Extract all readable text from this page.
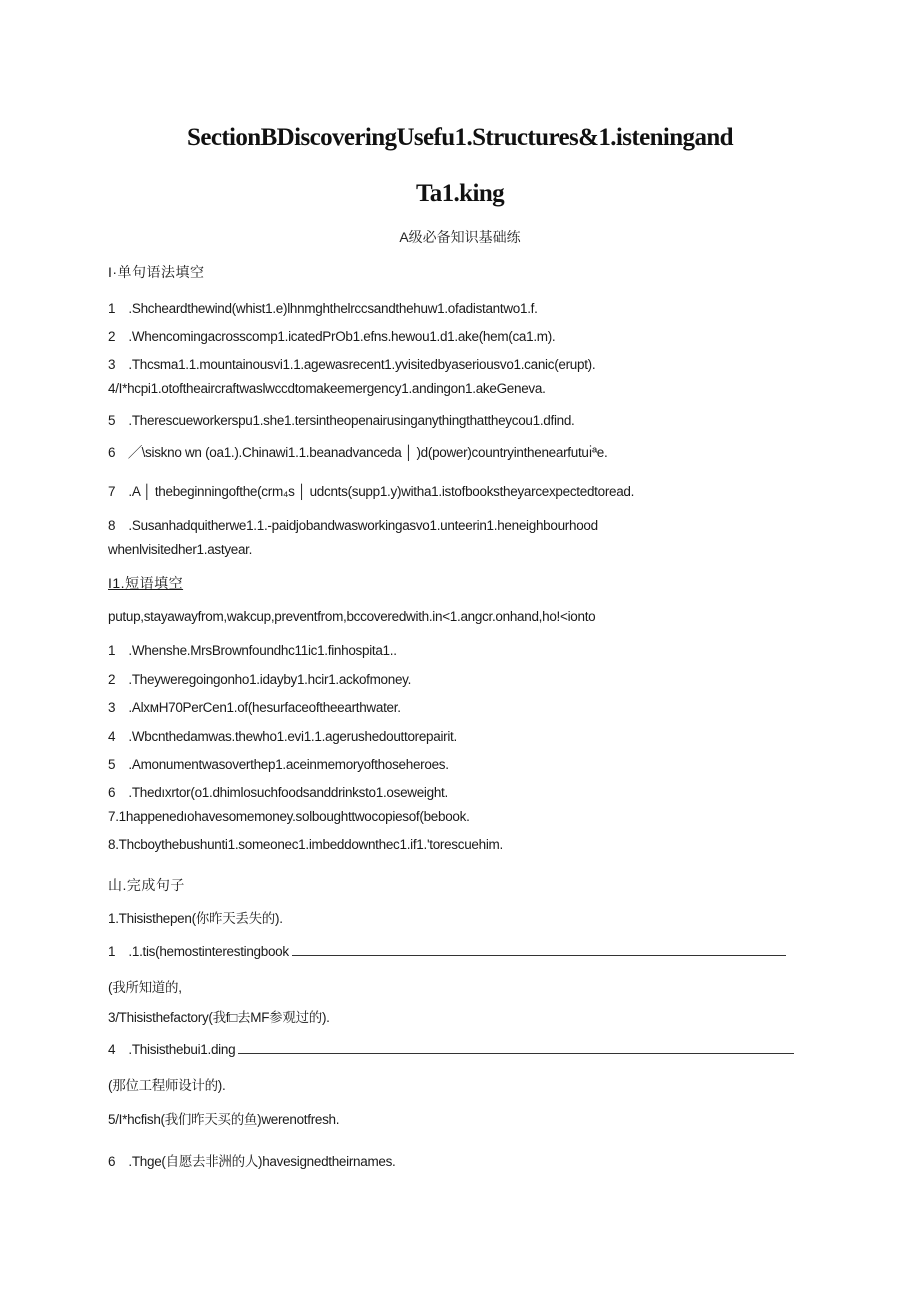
SectionBDiscoveringUsefu1.Structures&1.isteningand
Ta1.king
A级必备知识基础练
I·单句语法填空
1　.Shcheardthewind(whist1.e)lhnmghthelrccsandthehuw1.ofadistantwo1.f.
2　.Whencomingacrosscomp1.icatedPrOb1.efns.hewou1.d1.ake(hem(ca1.m).
3　.Thcsma1.1.mountainousvi1.1.agewasrecent1.yvisitedbyaseriousvo1.canic(erupt).
4/I*hcpi1.otoftheaircraftwaslwccdtomakeemergency1.andingon1.akeGeneva.
5　.Therescueworkerspu1.she1.tersintheopenairusinganythingthattheycou1.dfind.
6　╱\siskno wn (oa1.).Chinawi1.1.beanadvanceda │ )d(power)countryinthenearfutuı̇ªe.
7　.A │ thebeginningofthe(crm₄s │ udcnts(supp1.y)witha1.istofbookstheyarcexpectedtoread.
8　.Susanhadquitherwe1.1.-paidjobandwasworkingasvo1.unteerin1.heneighbourhood
whenlvisitedher1.astyear.
I1.短语填空
putup,stayawayfrom,wakcup,preventfrom,bccoveredwith.in<1.angcr.onhand,ho!<ionto
1　.Whenshe.MrsBrownfoundhc11ic1.finhospita1..
2　.Theyweregoingonho1.idayby1.hcir1.ackofmoney.
3　.AlxмH70PerCen1.of(hesurfaceoftheearthwater.
4　.Wbcnthedamwas.thewho1.evi1.1.agerushedouttorepairit.
5　.Amonumentwasoverthep1.aceinmemoryofthoseheroes.
6　.Thedıxrtor(o1.dhimlosuchfoodsanddrinksto1.oseweight.
7.1happenedıohavesomemoney.solboughttwocopiesof(bebook.
8.Thcboythebushunti1.someonec1.imbeddownthec1.if1.'torescuehim.
山.完成句子
1.Thisisthepen(你昨天丢失的).
1　.1.tis(hemostinterestingbook
(我所知道的,
3/Thisisthefactory(我f□去MF参观过的).
4　.Thisisthebui1.ding
(那位工程师设计的).
5/I*hcfish(我们昨天买的鱼)werenotfresh.
6　.Thge(自愿去非洲的人)havesignedtheirnames.
